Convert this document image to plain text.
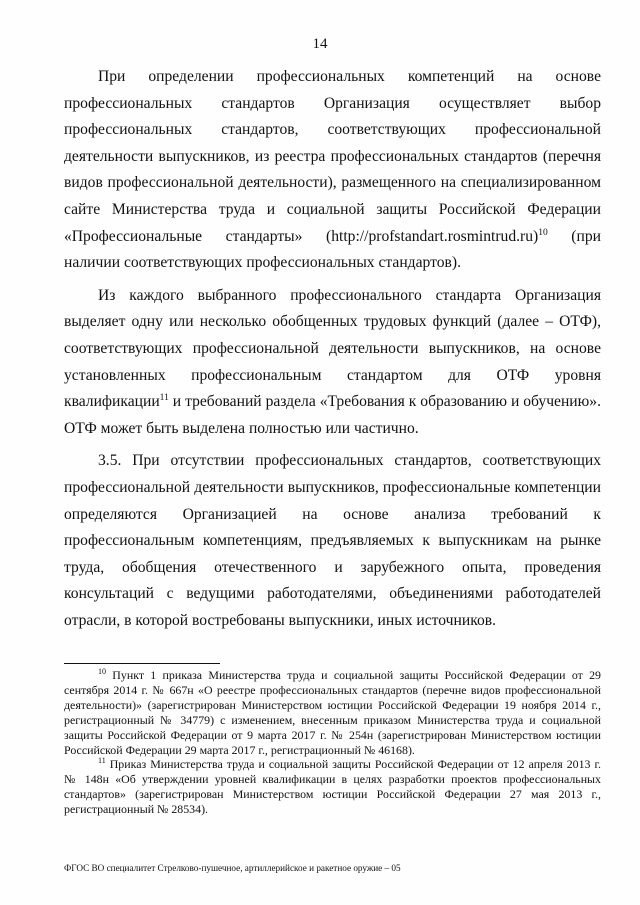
14

При определении профессиональных компетенций на основе профессиональных стандартов Организация осуществляет выбор профессиональных стандартов, соответствующих профессиональной деятельности выпускников, из реестра профессиональных стандартов (перечня видов профессиональной деятельности), размещенного на специализированном сайте Министерства труда и социальной защиты Российской Федерации «Профессиональные стандарты» (http://profstandart.rosmintrud.ru)$^{10}$ (при наличии соответствующих профессиональных стандартов).

Из каждого выбранного профессионального стандарта Организация выделяет одну или несколько обобщенных трудовых функций (далее – ОТФ), соответствующих профессиональной деятельности выпускников, на основе установленных профессиональным стандартом для ОТФ уровня квалификации$^{11}$ и требований раздела «Требования к образованию и обучению». ОТФ может быть выделена полностью или частично.

3.5. При отсутствии профессиональных стандартов, соответствующих профессиональной деятельности выпускников, профессиональные компетенции определяются Организацией на основе анализа требований к профессиональным компетенциям, предъявляемых к выпускникам на рынке труда, обобщения отечественного и зарубежного опыта, проведения консультаций с ведущими работодателями, объединениями работодателей отрасли, в которой востребованы выпускники, иных источников.

$^{10}$ Пункт 1 приказа Министерства труда и социальной защиты Российской Федерации от 29 сентября 2014 г. № 667н «О реестре профессиональных стандартов (перечне видов профессиональной деятельности)» (зарегистрирован Министерством юстиции Российской Федерации 19 ноября 2014 г., регистрационный № 34779) с изменением, внесенным приказом Министерства труда и социальной защиты Российской Федерации от 9 марта 2017 г. № 254н (зарегистрирован Министерством юстиции Российской Федерации 29 марта 2017 г., регистрационный № 46168).

$^{11}$ Приказ Министерства труда и социальной защиты Российской Федерации от 12 апреля 2013 г. № 148н «Об утверждении уровней квалификации в целях разработки проектов профессиональных стандартов» (зарегистрирован Министерством юстиции Российской Федерации 27 мая 2013 г., регистрационный № 28534).

ФГОС ВО специалитет Стрелково-пушечное, артиллерийское и ракетное оружие – 05
